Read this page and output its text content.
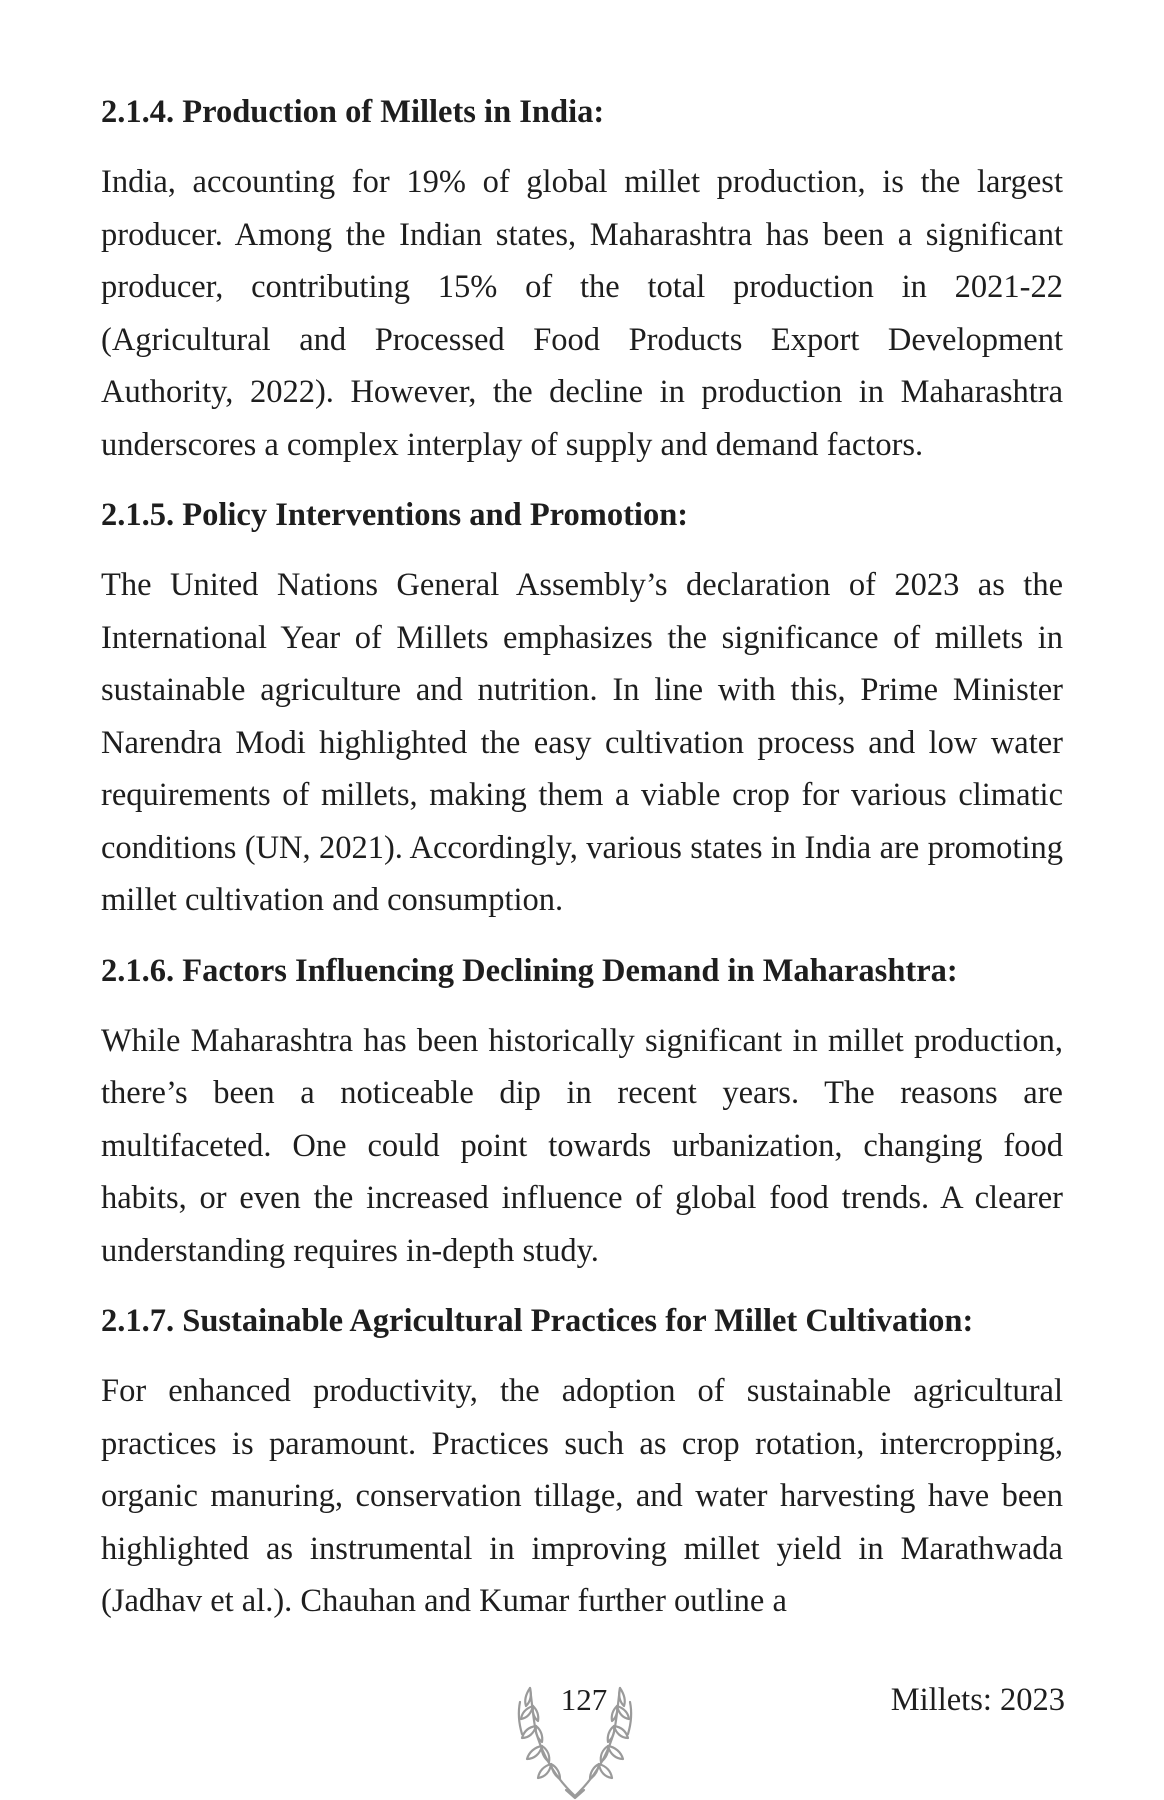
2.1.4. Production of Millets in India:

India, accounting for 19% of global millet production, is the largest producer. Among the Indian states, Maharashtra has been a significant producer, contributing 15% of the total production in 2021-22 (Agricultural and Processed Food Products Export Development Authority, 2022). However, the decline in production in Maharashtra underscores a complex interplay of supply and demand factors.

2.1.5. Policy Interventions and Promotion:

The United Nations General Assembly’s declaration of 2023 as the International Year of Millets emphasizes the significance of millets in sustainable agriculture and nutrition. In line with this, Prime Minister Narendra Modi highlighted the easy cultivation process and low water requirements of millets, making them a viable crop for various climatic conditions (UN, 2021). Accordingly, various states in India are promoting millet cultivation and consumption.

2.1.6. Factors Influencing Declining Demand in Maharashtra:

While Maharashtra has been historically significant in millet production, there’s been a noticeable dip in recent years. The reasons are multifaceted. One could point towards urbanization, changing food habits, or even the increased influence of global food trends. A clearer understanding requires in-depth study.

2.1.7. Sustainable Agricultural Practices for Millet Cultivation:

For enhanced productivity, the adoption of sustainable agricultural practices is paramount. Practices such as crop rotation, intercropping, organic manuring, conservation tillage, and water harvesting have been highlighted as instrumental in improving millet yield in Marathwada (Jadhav et al.). Chauhan and Kumar further outline a

127	Millets: 2023
